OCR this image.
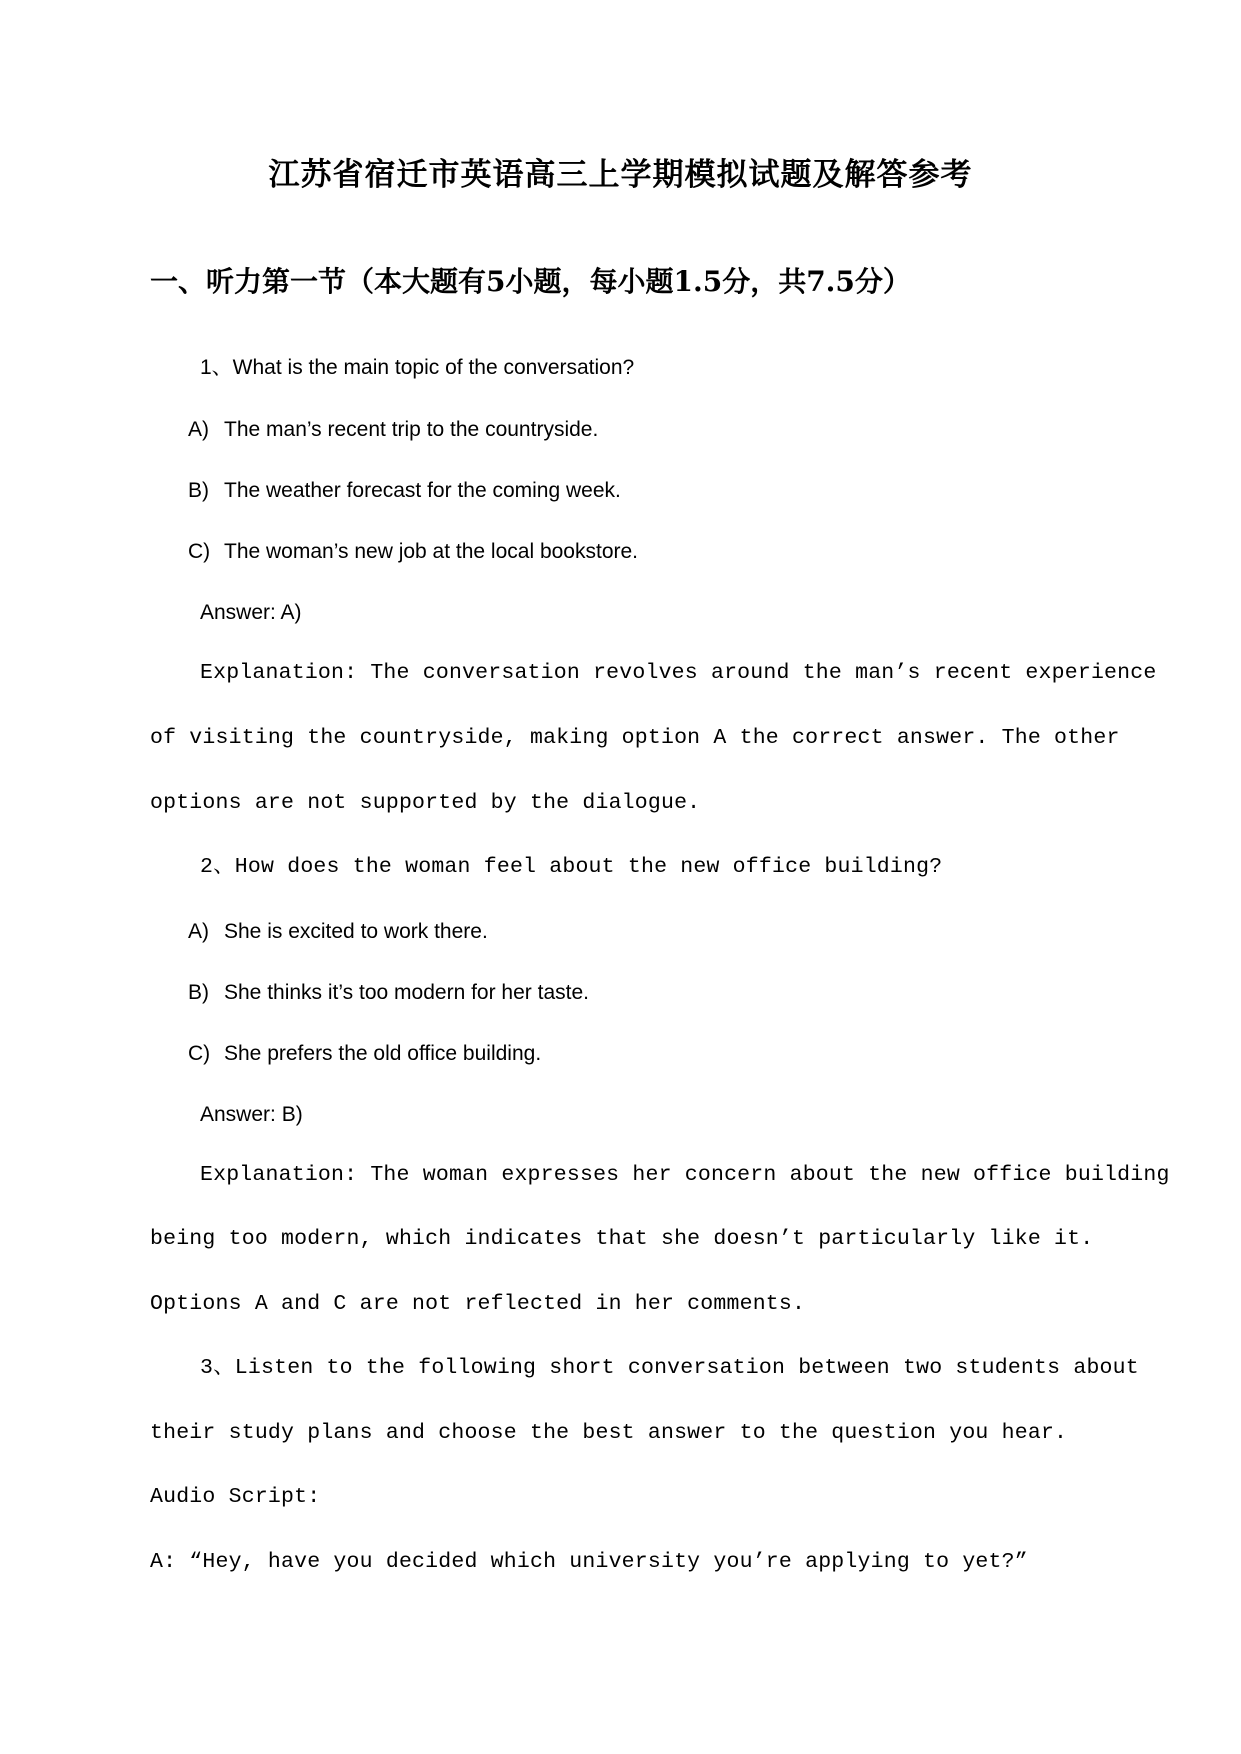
江苏省宿迁市英语高三上学期模拟试题及解答参考
一、听力第一节（本大题有5小题，每小题1.5分，共7.5分）
1、What is the main topic of the conversation?
A) The man’s recent trip to the countryside.
B) The weather forecast for the coming week.
C) The woman’s new job at the local bookstore.
Answer: A)
Explanation: The conversation revolves around the man’s recent experience
of visiting the countryside, making option A the correct answer. The other
options are not supported by the dialogue.
2、How does the woman feel about the new office building?
A) She is excited to work there.
B) She thinks it’s too modern for her taste.
C) She prefers the old office building.
Answer: B)
Explanation: The woman expresses her concern about the new office building
being too modern, which indicates that she doesn’t particularly like it.
Options A and C are not reflected in her comments.
3、Listen to the following short conversation between two students about
their study plans and choose the best answer to the question you hear.
Audio Script:
A: “Hey, have you decided which university you’re applying to yet?”
